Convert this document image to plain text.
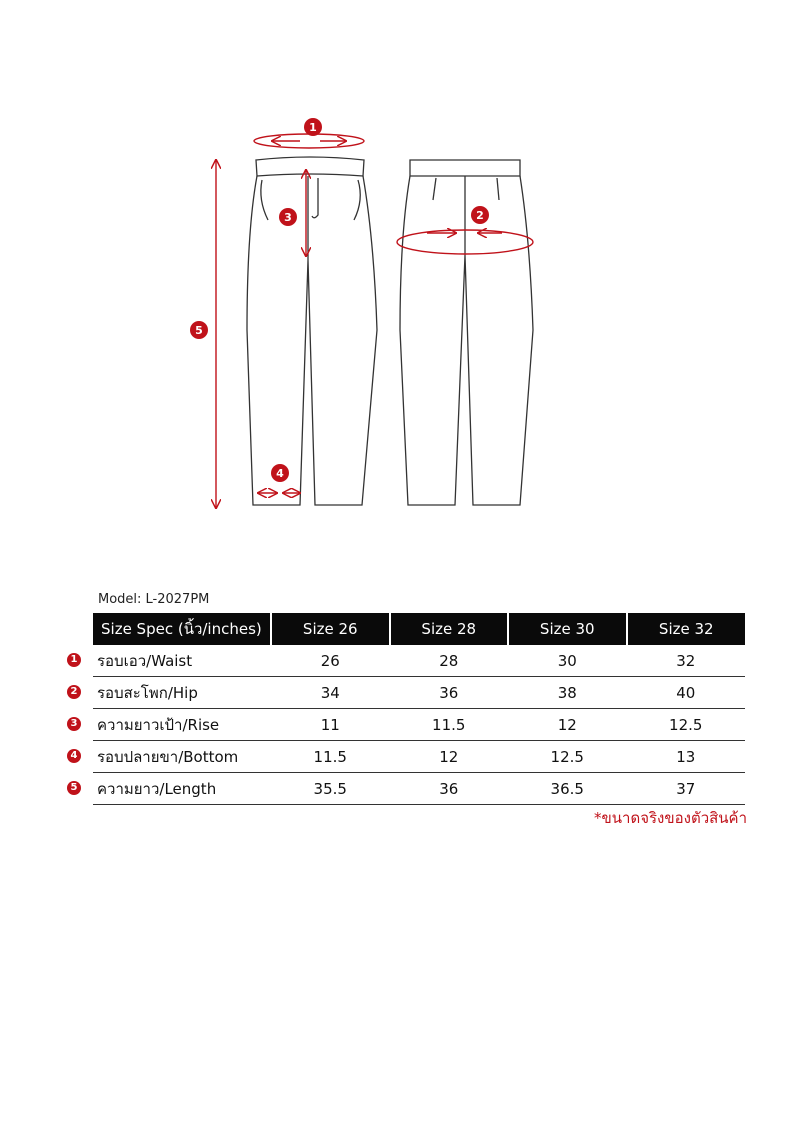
1
2
3
4
5
Model: L-2027PM
Size Spec (นิ้ว/inches)	Size 26	Size 28	Size 30	Size 32

1 รอบเอว/Waist	26	28	30	32

2 รอบสะโพก/Hip	34	36	38	40

3 ความยาวเป้า/Rise	11	11.5	12	12.5

4 รอบปลายขา/Bottom	11.5	12	12.5	13

5 ความยาว/Length	35.5	36	36.5	37
*ขนาดจริงของตัวสินค้า
